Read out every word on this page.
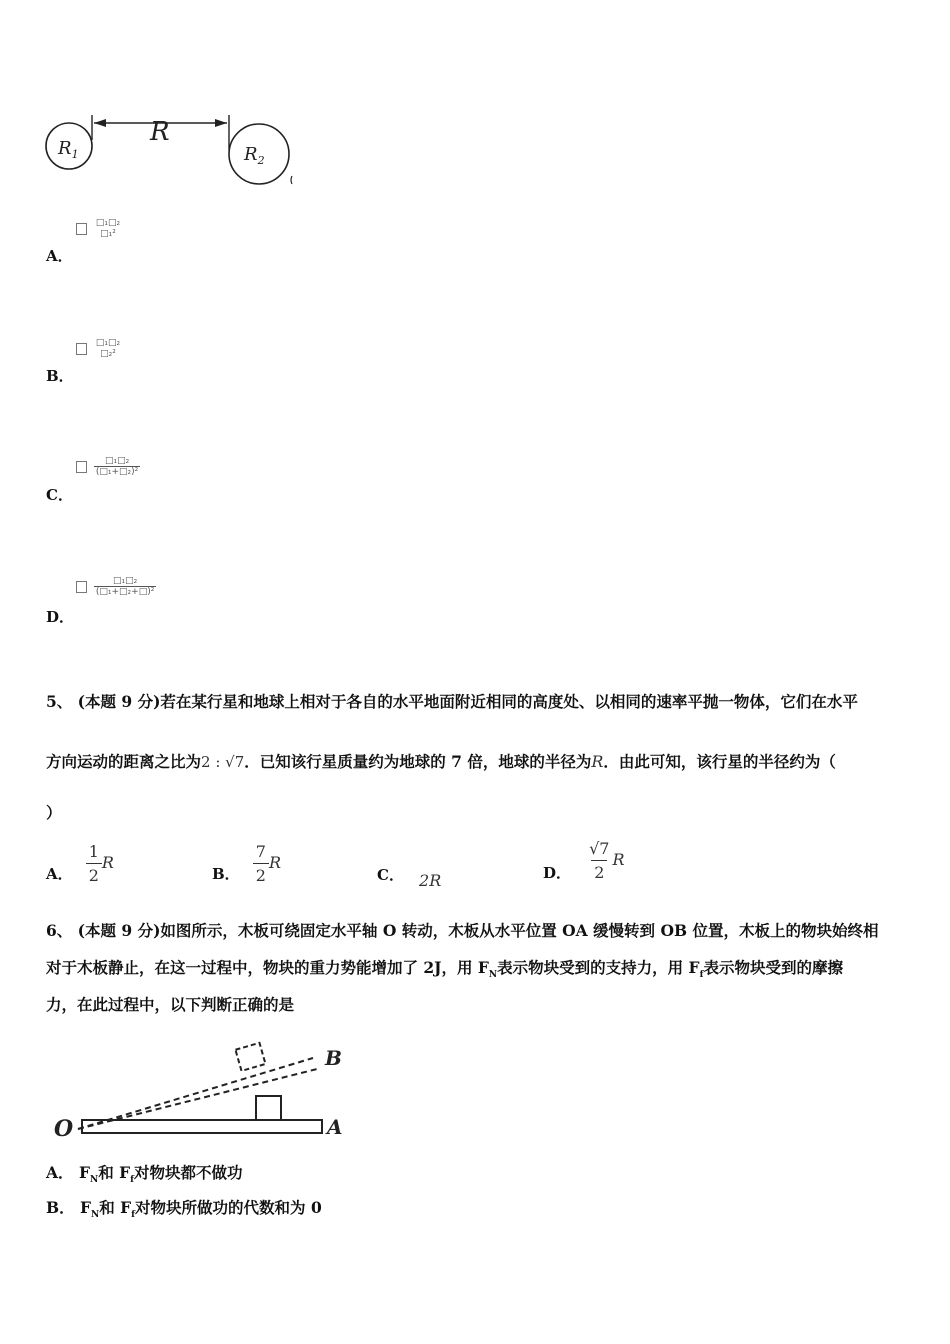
$R_1$	$R_2$
R

□₁□₂
□₁²
A．

□₁□₂
□₂²
B．

$\frac{\text{□₁□₂}}{\text{(□₁+□₂)²}}$
C．

$\frac{\text{□₁□₂}}{\text{(□₁+□₂+□)²}}$
D．
5、 (本题 9 分)若在某行星和地球上相对于各自的水平地面附近相同的高度处、以相同的速率平抛一物体，它们在水平
方向运动的距离之比为2 : √7．已知该行星质量约为地球的 7 倍，地球的半径为R．由此可知，该行星的半径约为（
）
A． $\frac{1}{2}$ R
B． $\frac{7}{2}$ R
C． 2R	D． $\frac{√7}{2}$ R
6、 (本题 9 分)如图所示，木板可绕固定水平轴 O 转动，木板从水平位置 OA 缓慢转到 OB 位置，木板上的物块始终相
对于木板静止，在这一过程中，物块的重力势能增加了 2J，用 $F_N$表示物块受到的支持力，用 $F_f$表示物块受到的摩擦
力，在此过程中，以下判断正确的是
O	A
B
A． $F_N$和 $F_f$对物块都不做功
B． $F_N$和 $F_f$对物块所做功的代数和为 0
